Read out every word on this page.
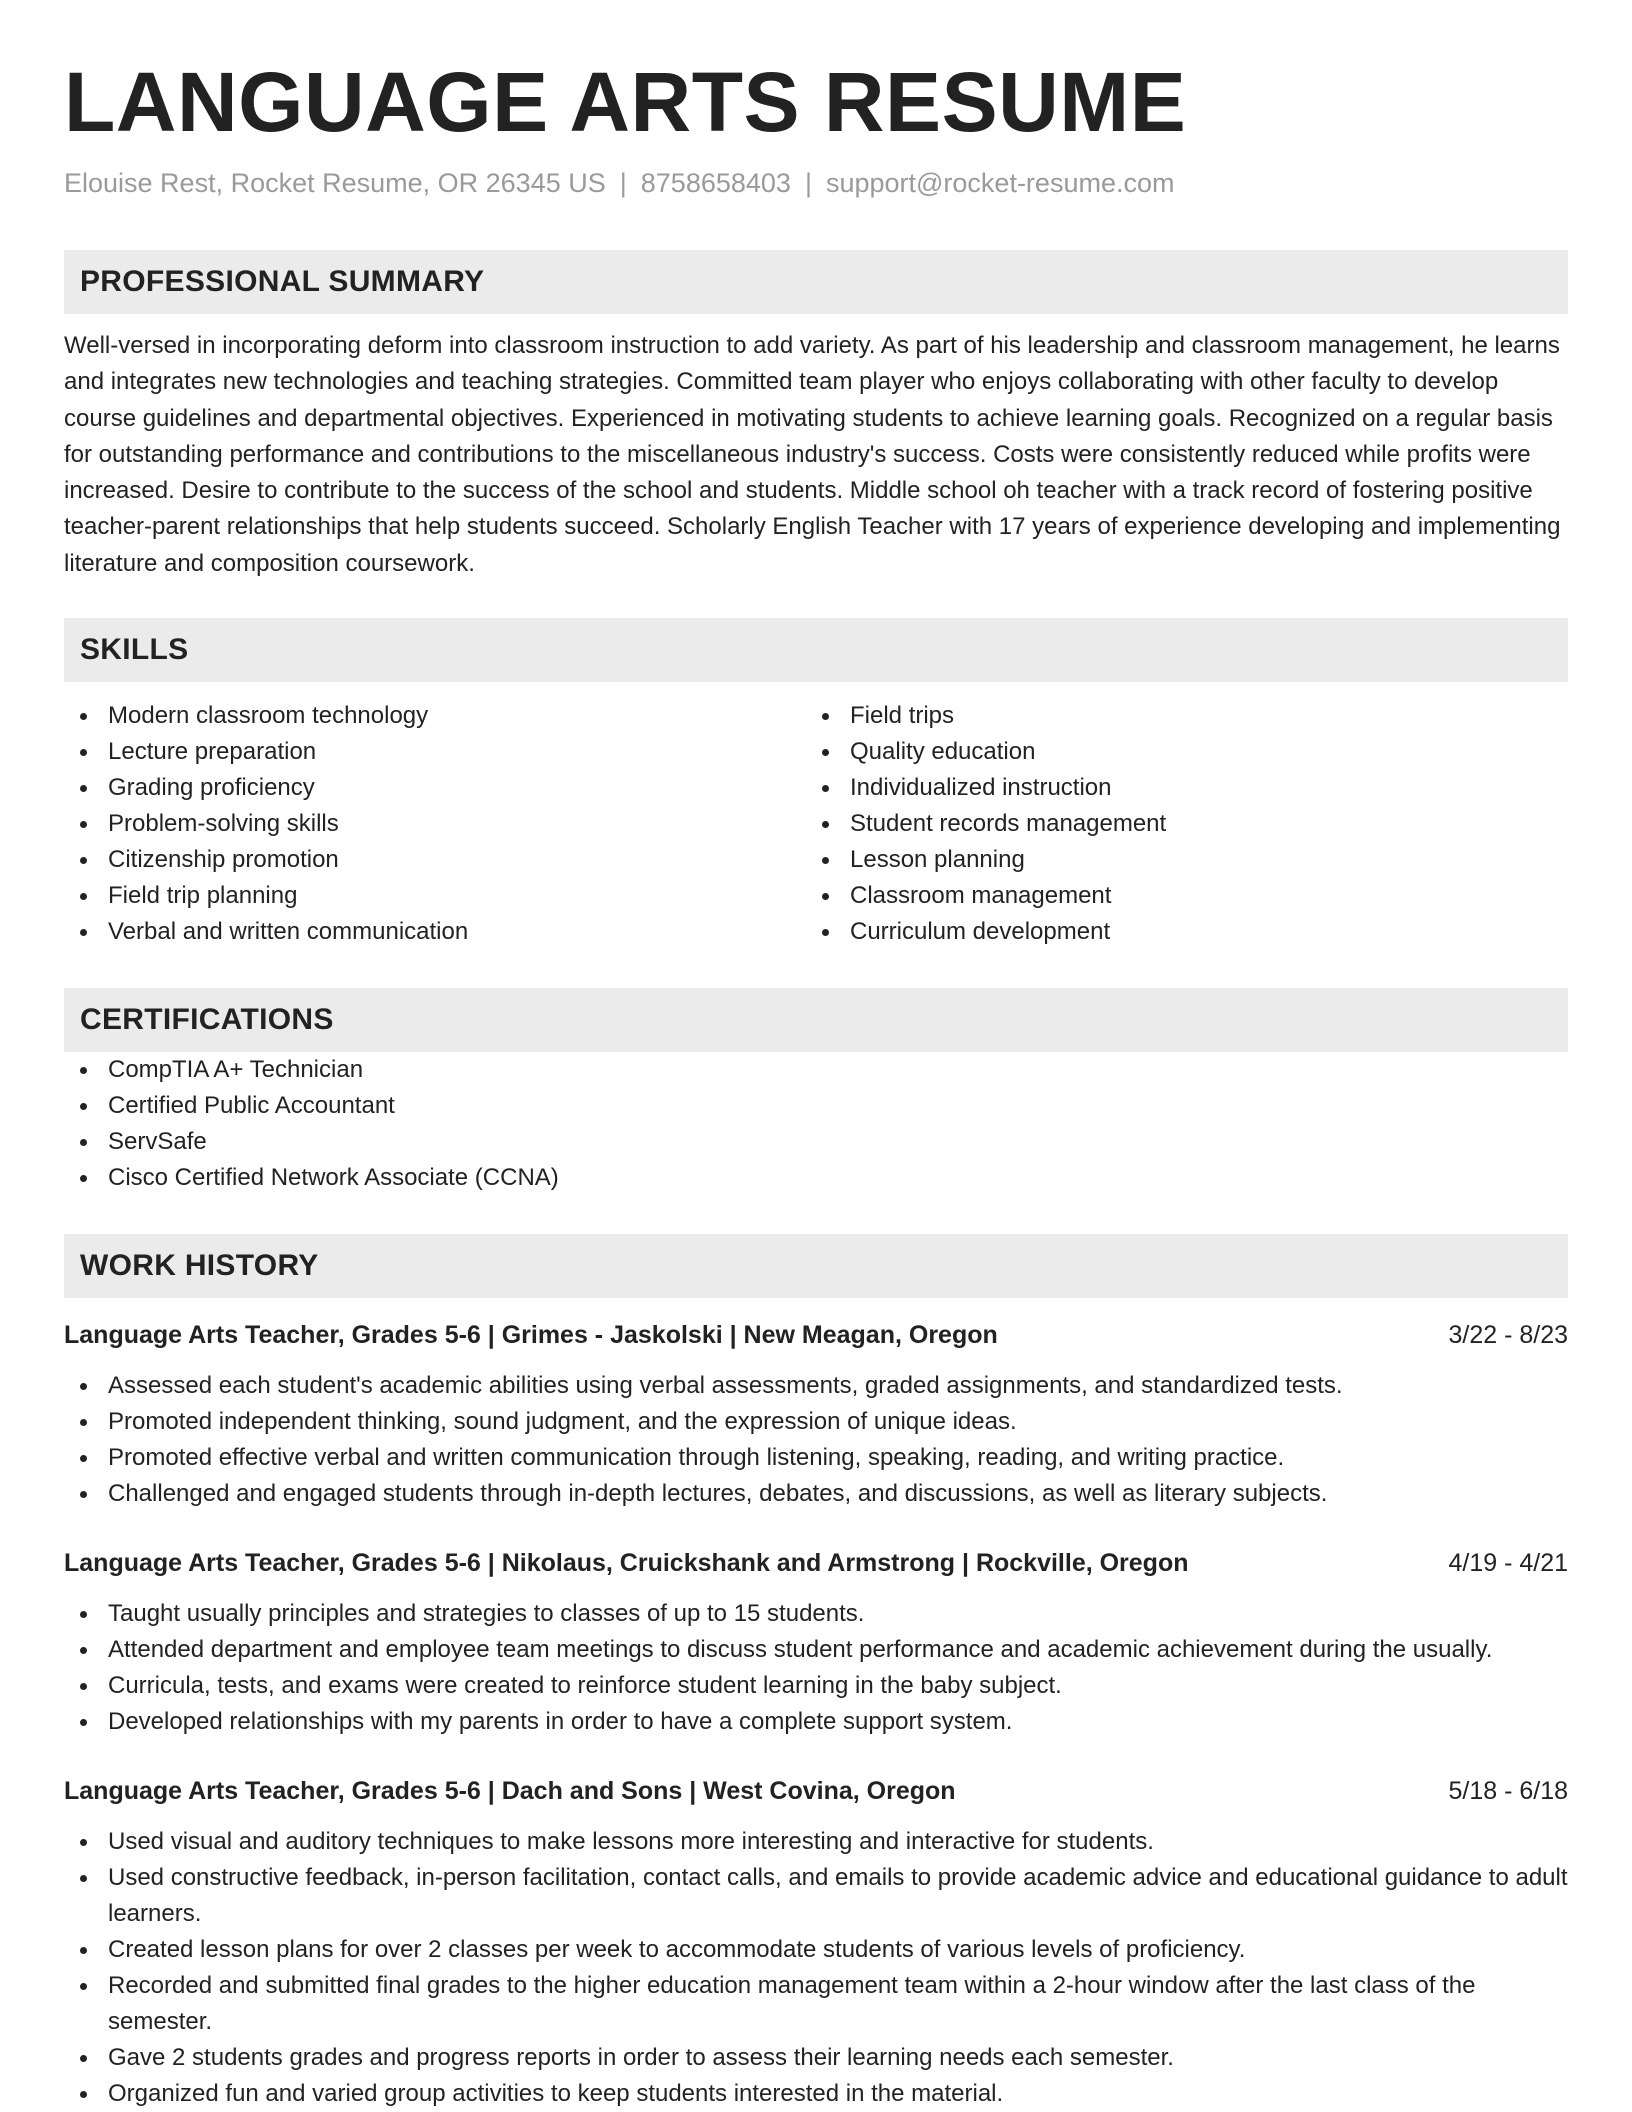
LANGUAGE ARTS RESUME
Elouise Rest, Rocket Resume, OR 26345 US | 8758658403 | support@rocket-resume.com
PROFESSIONAL SUMMARY
Well-versed in incorporating deform into classroom instruction to add variety. As part of his leadership and classroom management, he learns and integrates new technologies and teaching strategies. Committed team player who enjoys collaborating with other faculty to develop course guidelines and departmental objectives. Experienced in motivating students to achieve learning goals. Recognized on a regular basis for outstanding performance and contributions to the miscellaneous industry's success. Costs were consistently reduced while profits were increased. Desire to contribute to the success of the school and students. Middle school oh teacher with a track record of fostering positive teacher-parent relationships that help students succeed. Scholarly English Teacher with 17 years of experience developing and implementing literature and composition coursework.
SKILLS
Modern classroom technology
Lecture preparation
Grading proficiency
Problem-solving skills
Citizenship promotion
Field trip planning
Verbal and written communication
Field trips
Quality education
Individualized instruction
Student records management
Lesson planning
Classroom management
Curriculum development
CERTIFICATIONS
CompTIA A+ Technician
Certified Public Accountant
ServSafe
Cisco Certified Network Associate (CCNA)
WORK HISTORY
Language Arts Teacher, Grades 5-6 | Grimes - Jaskolski | New Meagan, Oregon	3/22 - 8/23
Assessed each student's academic abilities using verbal assessments, graded assignments, and standardized tests.
Promoted independent thinking, sound judgment, and the expression of unique ideas.
Promoted effective verbal and written communication through listening, speaking, reading, and writing practice.
Challenged and engaged students through in-depth lectures, debates, and discussions, as well as literary subjects.
Language Arts Teacher, Grades 5-6 | Nikolaus, Cruickshank and Armstrong | Rockville, Oregon	4/19 - 4/21
Taught usually principles and strategies to classes of up to 15 students.
Attended department and employee team meetings to discuss student performance and academic achievement during the usually.
Curricula, tests, and exams were created to reinforce student learning in the baby subject.
Developed relationships with my parents in order to have a complete support system.
Language Arts Teacher, Grades 5-6 | Dach and Sons | West Covina, Oregon	5/18 - 6/18
Used visual and auditory techniques to make lessons more interesting and interactive for students.
Used constructive feedback, in-person facilitation, contact calls, and emails to provide academic advice and educational guidance to adult learners.
Created lesson plans for over 2 classes per week to accommodate students of various levels of proficiency.
Recorded and submitted final grades to the higher education management team within a 2-hour window after the last class of the semester.
Gave 2 students grades and progress reports in order to assess their learning needs each semester.
Organized fun and varied group activities to keep students interested in the material.
